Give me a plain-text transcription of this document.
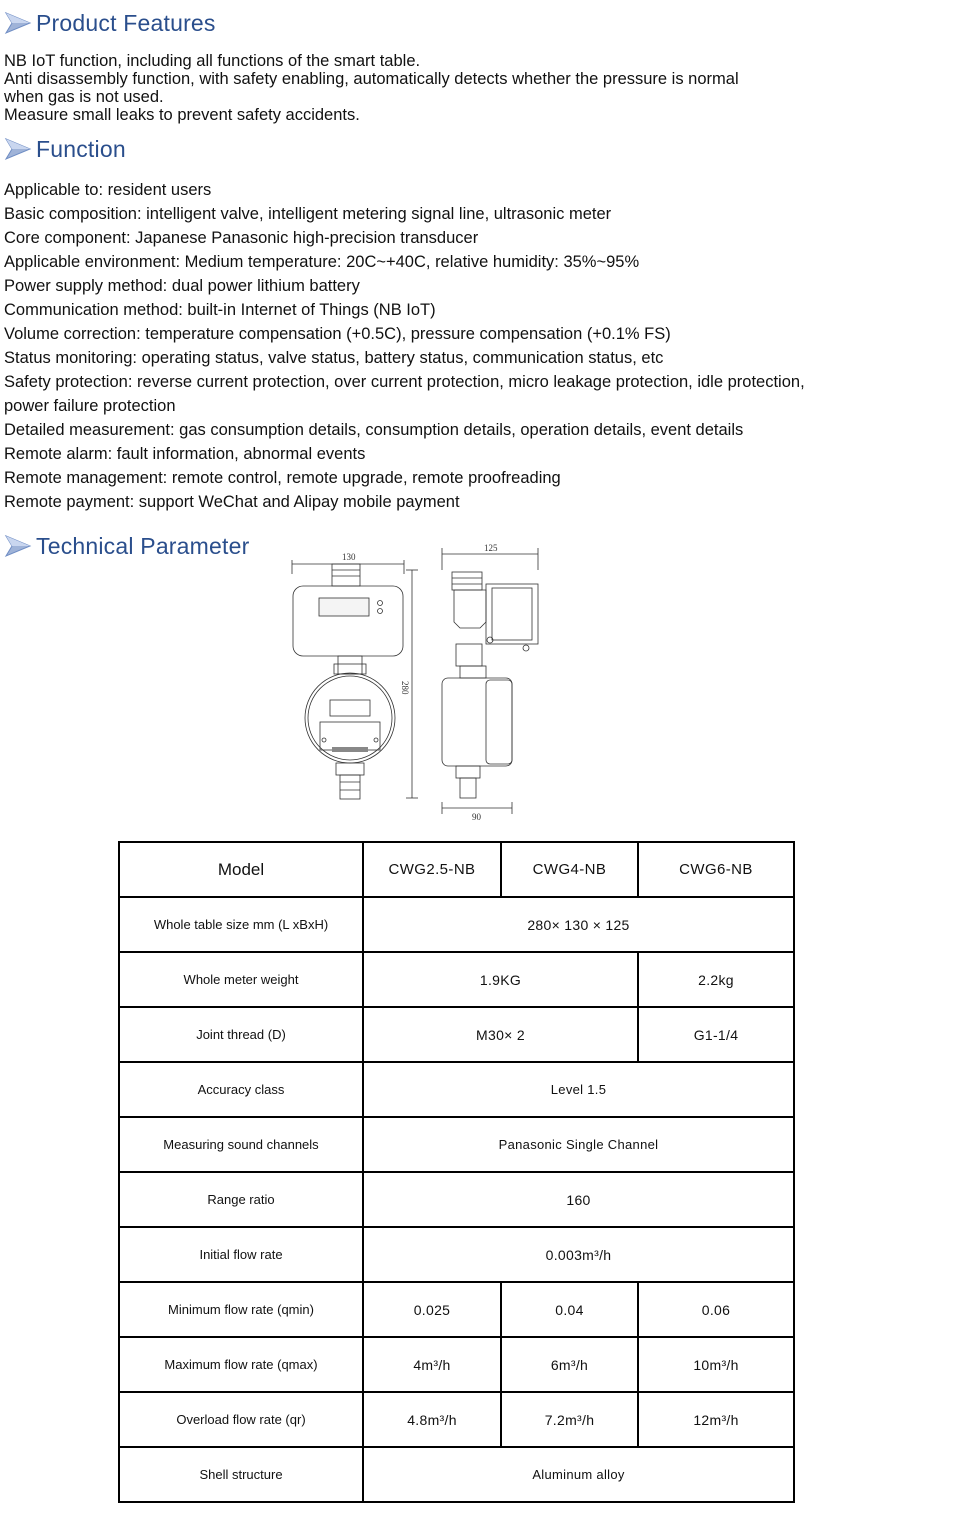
Product Features

NB IoT function, including all functions of the smart table.

Anti disassembly function, with safety enabling, automatically detects whether the pressure is normal

when gas is not used.

Measure small leaks to prevent safety accidents.

Function

Applicable to: resident users

Basic composition: intelligent valve, intelligent metering signal line, ultrasonic meter

Core component: Japanese Panasonic high-precision transducer

Applicable environment: Medium temperature: 20C~+40C, relative humidity: 35%~95%

Power supply method: dual power lithium battery

Communication method: built-in Internet of Things (NB IoT)

Volume correction: temperature compensation (+0.5C), pressure compensation (+0.1% FS)

Status monitoring: operating status, valve status, battery status, communication status, etc

Safety protection: reverse current protection, over current protection, micro leakage protection, idle protection,

power failure protection

Detailed measurement: gas consumption details, consumption details, operation details, event details

Remote alarm: fault information, abnormal events

Remote management: remote control, remote upgrade, remote proofreading

Remote payment: support WeChat and Alipay mobile payment

Technical Parameter	130
280
125
90
Model	CWG2.5-NB	CWG4-NB	CWG6-NB
Whole table size mm (L xBxH)	280× 130 × 125		
Whole meter weight	1.9KG		2.2kg
Joint thread (D)	M30× 2		G1-1/4
Accuracy class	Level 1.5		
Measuring sound channels	Panasonic Single Channel		
Range ratio	160		
Initial flow rate	0.003m³/h		
Minimum flow rate (qmin)	0.025	0.04	0.06
Maximum flow rate (qmax)	4m³/h	6m³/h	10m³/h
Overload flow rate (qr)	4.8m³/h	7.2m³/h	12m³/h
Shell structure	Aluminum alloy		
